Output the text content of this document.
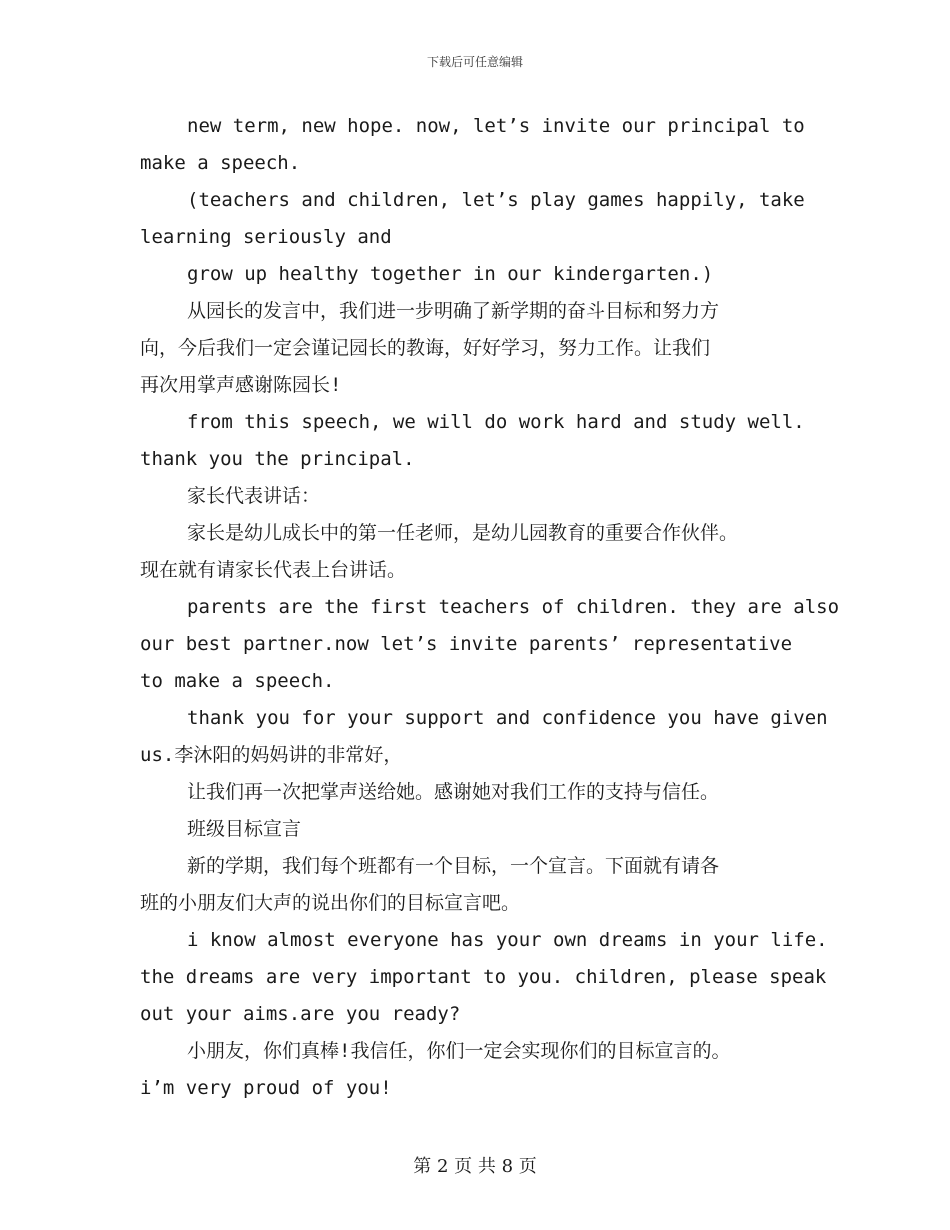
下载后可任意编辑
new term, new hope. now, let’s invite our principal to
make a speech.
(teachers and children, let’s play games happily, take
learning seriously and
grow up healthy together in our kindergarten.)
从园长的发言中，我们进一步明确了新学期的奋斗目标和努力方
向，今后我们一定会谨记园长的教诲，好好学习，努力工作。让我们
再次用掌声感谢陈园长!
from this speech, we will do work hard and study well.
thank you the principal.
家长代表讲话：
家长是幼儿成长中的第一任老师，是幼儿园教育的重要合作伙伴。
现在就有请家长代表上台讲话。
parents are the first teachers of children. they are also
our best partner.now let’s invite parents’ representative
to make a speech.
thank you for your support and confidence you have given
us.李沐阳的妈妈讲的非常好，
让我们再一次把掌声送给她。感谢她对我们工作的支持与信任。
班级目标宣言
新的学期，我们每个班都有一个目标，一个宣言。下面就有请各
班的小朋友们大声的说出你们的目标宣言吧。
i know almost everyone has your own dreams in your life.
the dreams are very important to you. children, please speak
out your aims.are you ready?
小朋友，你们真棒!我信任，你们一定会实现你们的目标宣言的。
i’m very proud of you!
第 2 页 共 8 页
